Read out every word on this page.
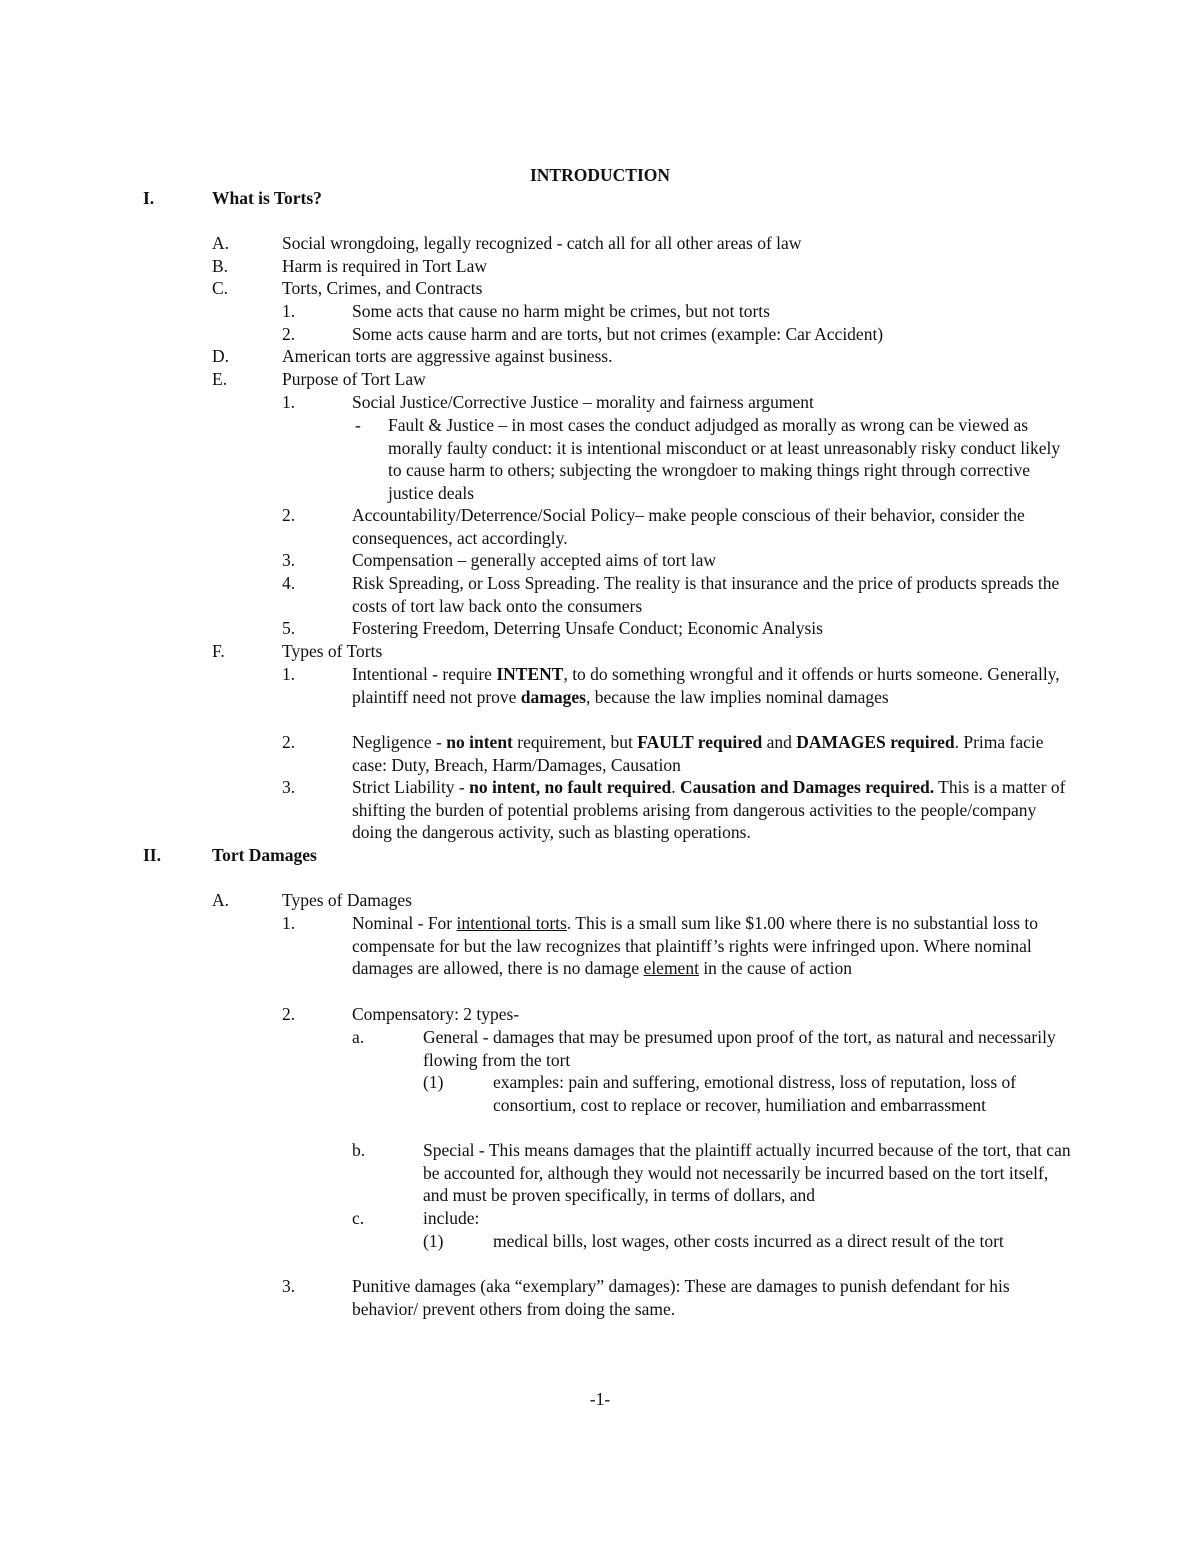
INTRODUCTION
I.	What is Torts?
A.	Social wrongdoing, legally recognized - catch all for all other areas of law
B.	Harm is required in Tort Law
C.	Torts, Crimes, and Contracts
1.	Some acts that cause no harm might be crimes, but not torts
2.	Some acts cause harm and are torts, but not crimes (example: Car Accident)
D.	American torts are aggressive against business.
E.	Purpose of Tort Law
1.	Social Justice/Corrective Justice – morality and fairness argument
- Fault & Justice – in most cases the conduct adjudged as morally as wrong can be viewed as morally faulty conduct: it is intentional misconduct or at least unreasonably risky conduct likely to cause harm to others; subjecting the wrongdoer to making things right through corrective justice deals
2.	Accountability/Deterrence/Social Policy– make people conscious of their behavior, consider the consequences, act accordingly.
3.	Compensation – generally accepted aims of tort law
4.	Risk Spreading, or Loss Spreading. The reality is that insurance and the price of products spreads the costs of tort law back onto the consumers
5.	Fostering Freedom, Deterring Unsafe Conduct; Economic Analysis
F.	Types of Torts
1.	Intentional - require INTENT, to do something wrongful and it offends or hurts someone. Generally, plaintiff need not prove damages, because the law implies nominal damages
2.	Negligence - no intent requirement, but FAULT required and DAMAGES required. Prima facie case: Duty, Breach, Harm/Damages, Causation
3.	Strict Liability - no intent, no fault required. Causation and Damages required. This is a matter of shifting the burden of potential problems arising from dangerous activities to the people/company doing the dangerous activity, such as blasting operations.
II.	Tort Damages
A.	Types of Damages
1.	Nominal - For intentional torts. This is a small sum like $1.00 where there is no substantial loss to compensate for but the law recognizes that plaintiff’s rights were infringed upon. Where nominal damages are allowed, there is no damage element in the cause of action
2.	Compensatory: 2 types-
a.	General - damages that may be presumed upon proof of the tort, as natural and necessarily flowing from the tort
(1)	examples: pain and suffering, emotional distress, loss of reputation, loss of consortium, cost to replace or recover, humiliation and embarrassment
b.	Special - This means damages that the plaintiff actually incurred because of the tort, that can be accounted for, although they would not necessarily be incurred based on the tort itself, and must be proven specifically, in terms of dollars, and
c.	include:
(1)	medical bills, lost wages, other costs incurred as a direct result of the tort
3.	Punitive damages (aka “exemplary” damages): These are damages to punish defendant for his behavior/ prevent others from doing the same.
-1-
